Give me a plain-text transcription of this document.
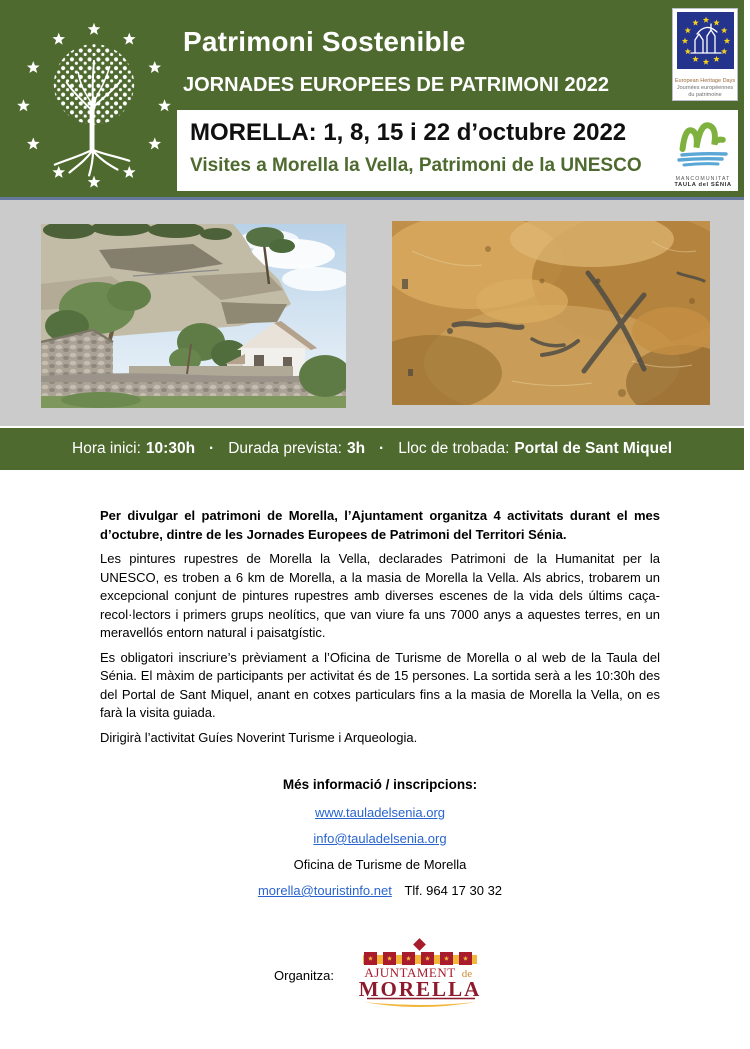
Patrimoni Sostenible
JORNADES EUROPEES DE PATRIMONI 2022	European Heritage Days
Journées européennes
du patrimoine
MORELLA: 1, 8, 15 i 22 d’octubre 2022
Visites a Morella la Vella, Patrimoni de la UNESCO
MANCOMUNITAT
TAULA del SÉNIA
Hora inici: 10:30h · Durada prevista: 3h · Lloc de trobada: Portal de Sant Miquel

Per divulgar el patrimoni de Morella, l’Ajuntament organitza 4 activitats durant el mes d’octubre, dintre de les Jornades Europees de Patrimoni del Territori Sénia.

Les pintures rupestres de Morella la Vella, declarades Patrimoni de la Humanitat per la UNESCO, es troben a 6 km de Morella, a la masia de Morella la Vella. Als abrics, trobarem un excepcional conjunt de pintures rupestres amb diverses escenes de la vida dels últims caça-recol·lectors i primers grups neolítics, que van viure fa uns 7000 anys a aquestes terres, en un meravellós entorn natural i paisatgístic.

Es obligatori inscriure’s prèviament a l’Oficina de Turisme de Morella o al web de la Taula del Sénia. El màxim de participants per activitat és de 15 persones. La sortida serà a les 10:30h des del Portal de Sant Miquel, anant en cotxes particulars fins a la masia de Morella la Vella, on es farà la visita guiada.

Dirigirà l’activitat Guíes Noverint Turisme i Arqueologia.

Més informació / inscripcions:
www.tauladelsenia.org
info@tauladelsenia.org
Oficina de Turisme de Morella
morella@touristinfo.net Tlf. 964 17 30 32
Organitza: AJUNTAMENT de
MORELLA
